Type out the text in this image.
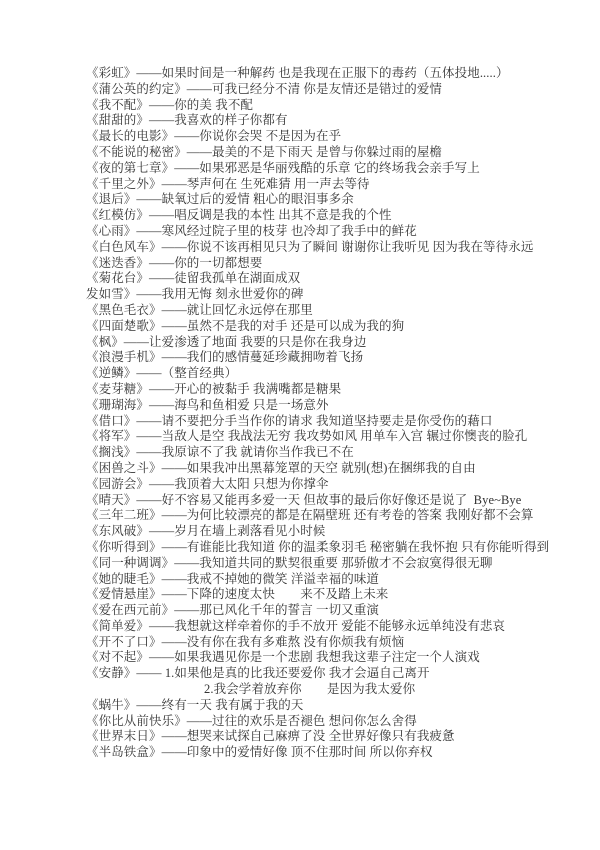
《彩虹》——如果时间是一种解药 也是我现在正服下的毒药（五体投地.....）
《蒲公英的约定》——可我已经分不清 你是友情还是错过的爱情
《我不配》——你的美 我不配
《甜甜的》——我喜欢的样子你都有
《最长的电影》——你说你会哭 不是因为在乎
《不能说的秘密》——最美的不是下雨天 是曾与你躲过雨的屋檐
《夜的第七章》——如果邪恶是华丽残酷的乐章 它的终场我会亲手写上
《千里之外》——琴声何在 生死难猜 用一声去等待
《退后》——缺氧过后的爱情 粗心的眼泪事多余
《红模仿》——唱反调是我的本性 出其不意是我的个性
《心雨》——寒风经过院子里的枝芽 也冷却了我手中的鲜花
《白色风车》——你说不该再相见只为了瞬间 谢谢你让我听见 因为我在等待永远
《迷迭香》——你的一切都想要
《菊花台》——徒留我孤单在湖面成双
发如雪》——我用无悔 刻永世爱你的碑
《黑色毛衣》——就让回忆永远停在那里
《四面楚歌》——虽然不是我的对手 还是可以成为我的狗
《枫》——让爱渗透了地面 我要的只是你在我身边
《浪漫手机》——我们的感情蔓延珍藏拥吻着飞扬
《逆鳞》——（整首经典）
《麦芽糖》——开心的被黏手 我满嘴都是糖果
《珊瑚海》——海鸟和鱼相爱 只是一场意外
《借口》——请不要把分手当作你的请求 我知道坚持要走是你受伤的藉口
《将军》——当敌人是空 我战法无穷 我攻势如风 用单车入宫 辗过你懊丧的脸孔
《搁浅》——我原谅不了我 就请你当作我已不在
《困兽之斗》——如果我冲出黑幕笼罩的天空 就别(想)在捆绑我的自由
《园游会》——我顶着大太阳 只想为你撑伞
《晴天》——好不容易又能再多爱一天 但故事的最后你好像还是说了  Bye~Bye
《三年二班》——为何比较漂亮的都是在隔壁班 还有考卷的答案 我刚好都不会算
《东风破》——岁月在墙上剥落看见小时候
《你听得到》——有谁能比我知道 你的温柔象羽毛 秘密躺在我怀抱 只有你能听得到
《同一种调调》——我知道共同的默契很重要 那骄傲才不会寂寞得很无聊
《她的睫毛》——我戒不掉她的微笑 洋溢幸福的味道
《爱情悬崖》——下降的速度太快　　来不及踏上未来
《爱在西元前》——那已风化千年的誓言 一切又重演
《简单爱》——我想就这样牵着你的手不放开 爱能不能够永远单纯没有悲哀
《开不了口》——没有你在我有多难熬 没有你烦我有烦恼
《对不起》——如果我遇见你是一个悲剧 我想我这辈子注定一个人演戏
《安静》—— 1.如果他是真的比我还要爱你 我才会逼自己离开
2.我会学着放弃你　　是因为我太爱你
《蜗牛》——终有一天 我有属于我的天
《你比从前快乐》——过往的欢乐是否褪色 想问你怎么舍得
《世界末日》——想哭来试探自己麻痹了没 全世界好像只有我疲惫
《半岛铁盒》——印象中的爱情好像 顶不住那时间 所以你弃权
